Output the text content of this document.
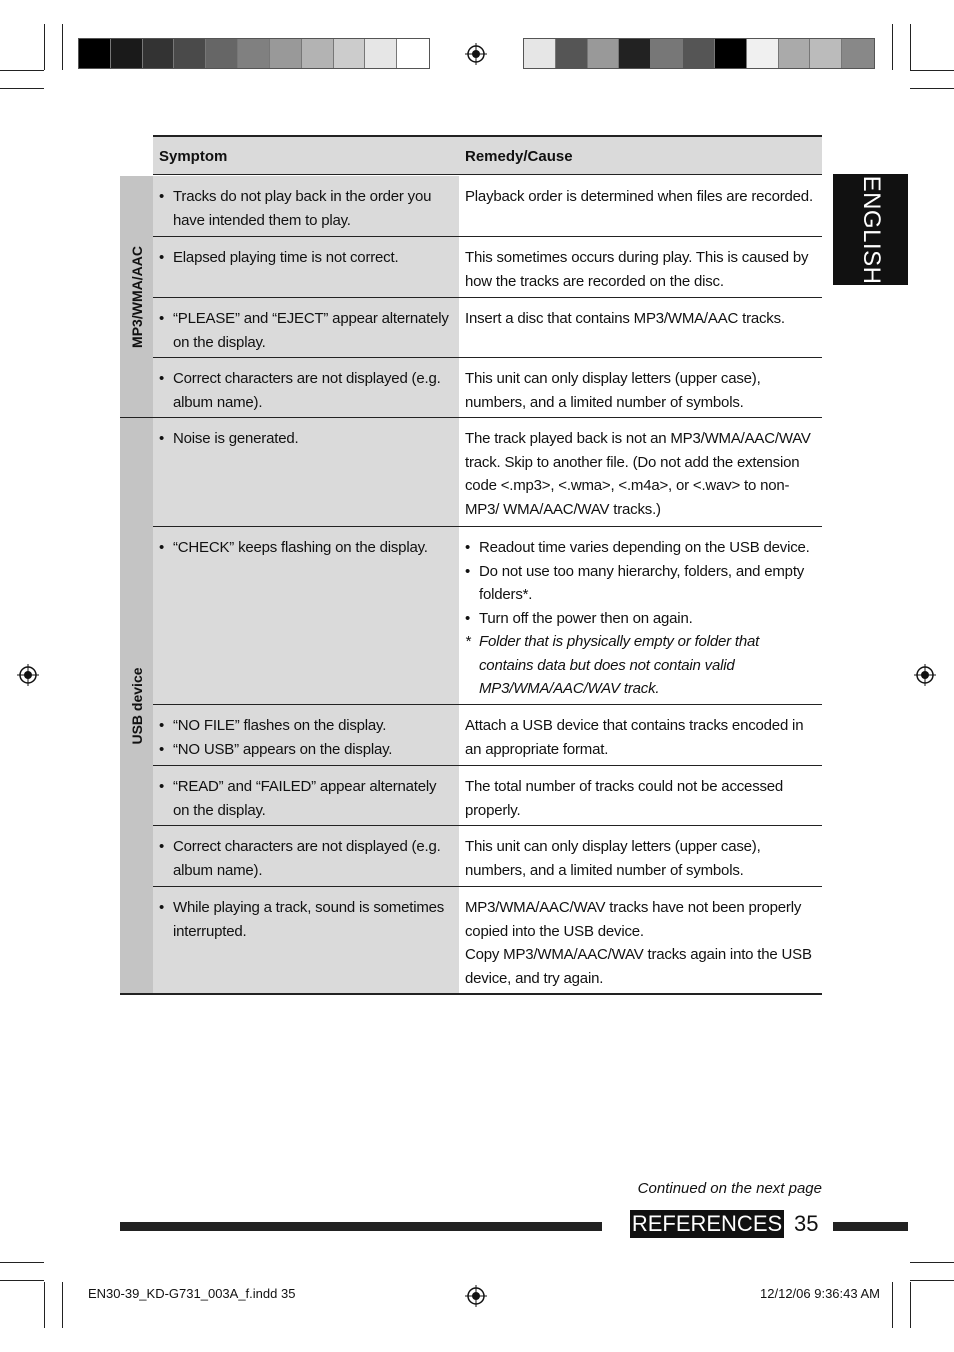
ENGLISH
Symptom	Remedy/Cause
MP3/WMA/AAC
USB device
• Tracks do not play back in the order you have intended them to play.
Playback order is determined when files are recorded.
• Elapsed playing time is not correct.	This sometimes occurs during play. This is caused by how the tracks are recorded on the disc.
• “PLEASE” and “EJECT” appear alternately on the display.
Insert a disc that contains MP3/WMA/AAC tracks.
• Correct characters are not displayed (e.g. album name).
This unit can only display letters (upper case), numbers, and a limited number of symbols.
• Noise is generated.	The track played back is not an MP3/WMA/AAC/WAV track. Skip to another file. (Do not add the extension code <.mp3>, <.wma>, <.m4a>, or <.wav> to non-MP3/ WMA/AAC/WAV tracks.)
• “CHECK” keeps flashing on the display.
•	Readout time varies depending on the USB device.
• Do not use too many hierarchy, folders, and empty folders*.
• Turn off the power then on again.
* Folder that is physically empty or folder that contains data but does not contain valid MP3/WMA/AAC/WAV track.
• “NO FILE” flashes on the display.
• “NO USB” appears on the display.
Attach a USB device that contains tracks encoded in an appropriate format.
• “READ” and “FAILED” appear alternately on the display.
The total number of tracks could not be accessed properly.
• Correct characters are not displayed (e.g. album name).
This unit can only display letters (upper case), numbers, and a limited number of symbols.
• While playing a track, sound is sometimes interrupted.
MP3/WMA/AAC/WAV tracks have not been properly copied into the USB device.
Copy MP3/WMA/AAC/WAV tracks again into the USB device, and try again.
Continued on the next page
REFERENCES 35
EN30-39_KD-G731_003A_f.indd 35	12/12/06 9:36:43 AM
